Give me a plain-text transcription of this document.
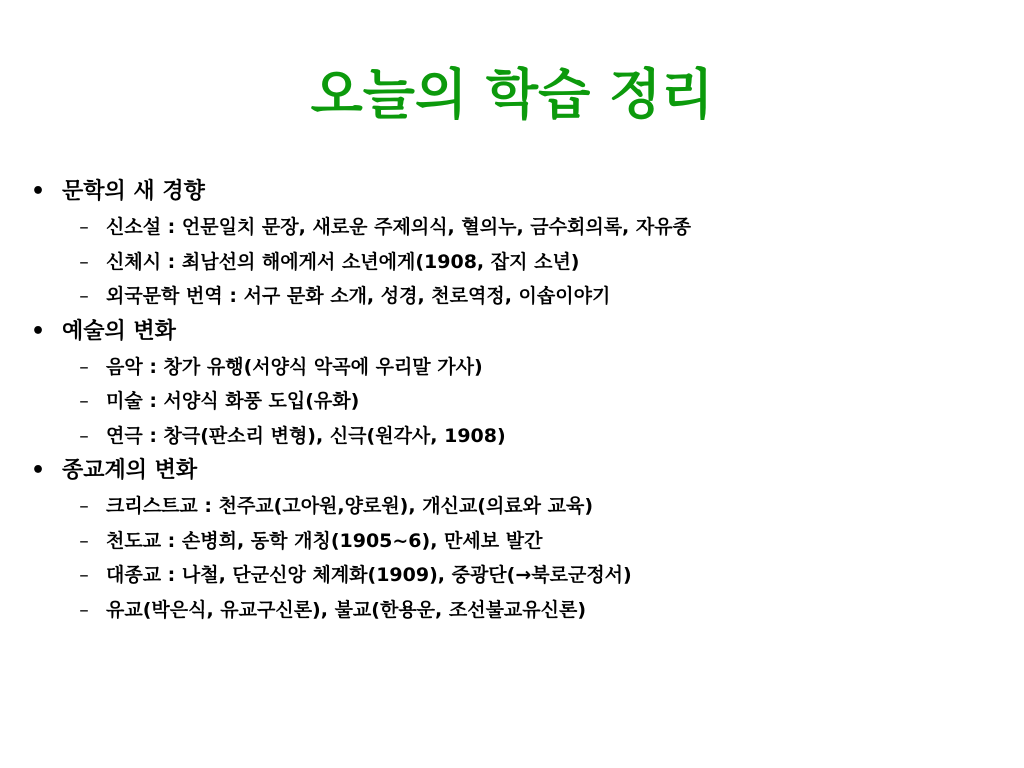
오늘의 학습 정리
• 문학의 새 경향
– 신소설 : 언문일치 문장, 새로운 주제의식, 혈의누, 금수회의록, 자유종
– 신체시 : 최남선의 해에게서 소년에게(1908, 잡지 소년)
– 외국문학 번역 : 서구 문화 소개, 성경, 천로역정, 이솝이야기
• 예술의 변화
– 음악 : 창가 유행(서양식 악곡에 우리말 가사)
– 미술 : 서양식 화풍 도입(유화)
– 연극 : 창극(판소리 변형), 신극(원각사, 1908)
• 종교계의 변화
– 크리스트교 : 천주교(고아원,양로원), 개신교(의료와 교육)
– 천도교 : 손병희, 동학 개칭(1905~6), 만세보 발간
– 대종교 : 나철, 단군신앙 체계화(1909), 중광단(→북로군정서)
– 유교(박은식, 유교구신론), 불교(한용운, 조선불교유신론)
